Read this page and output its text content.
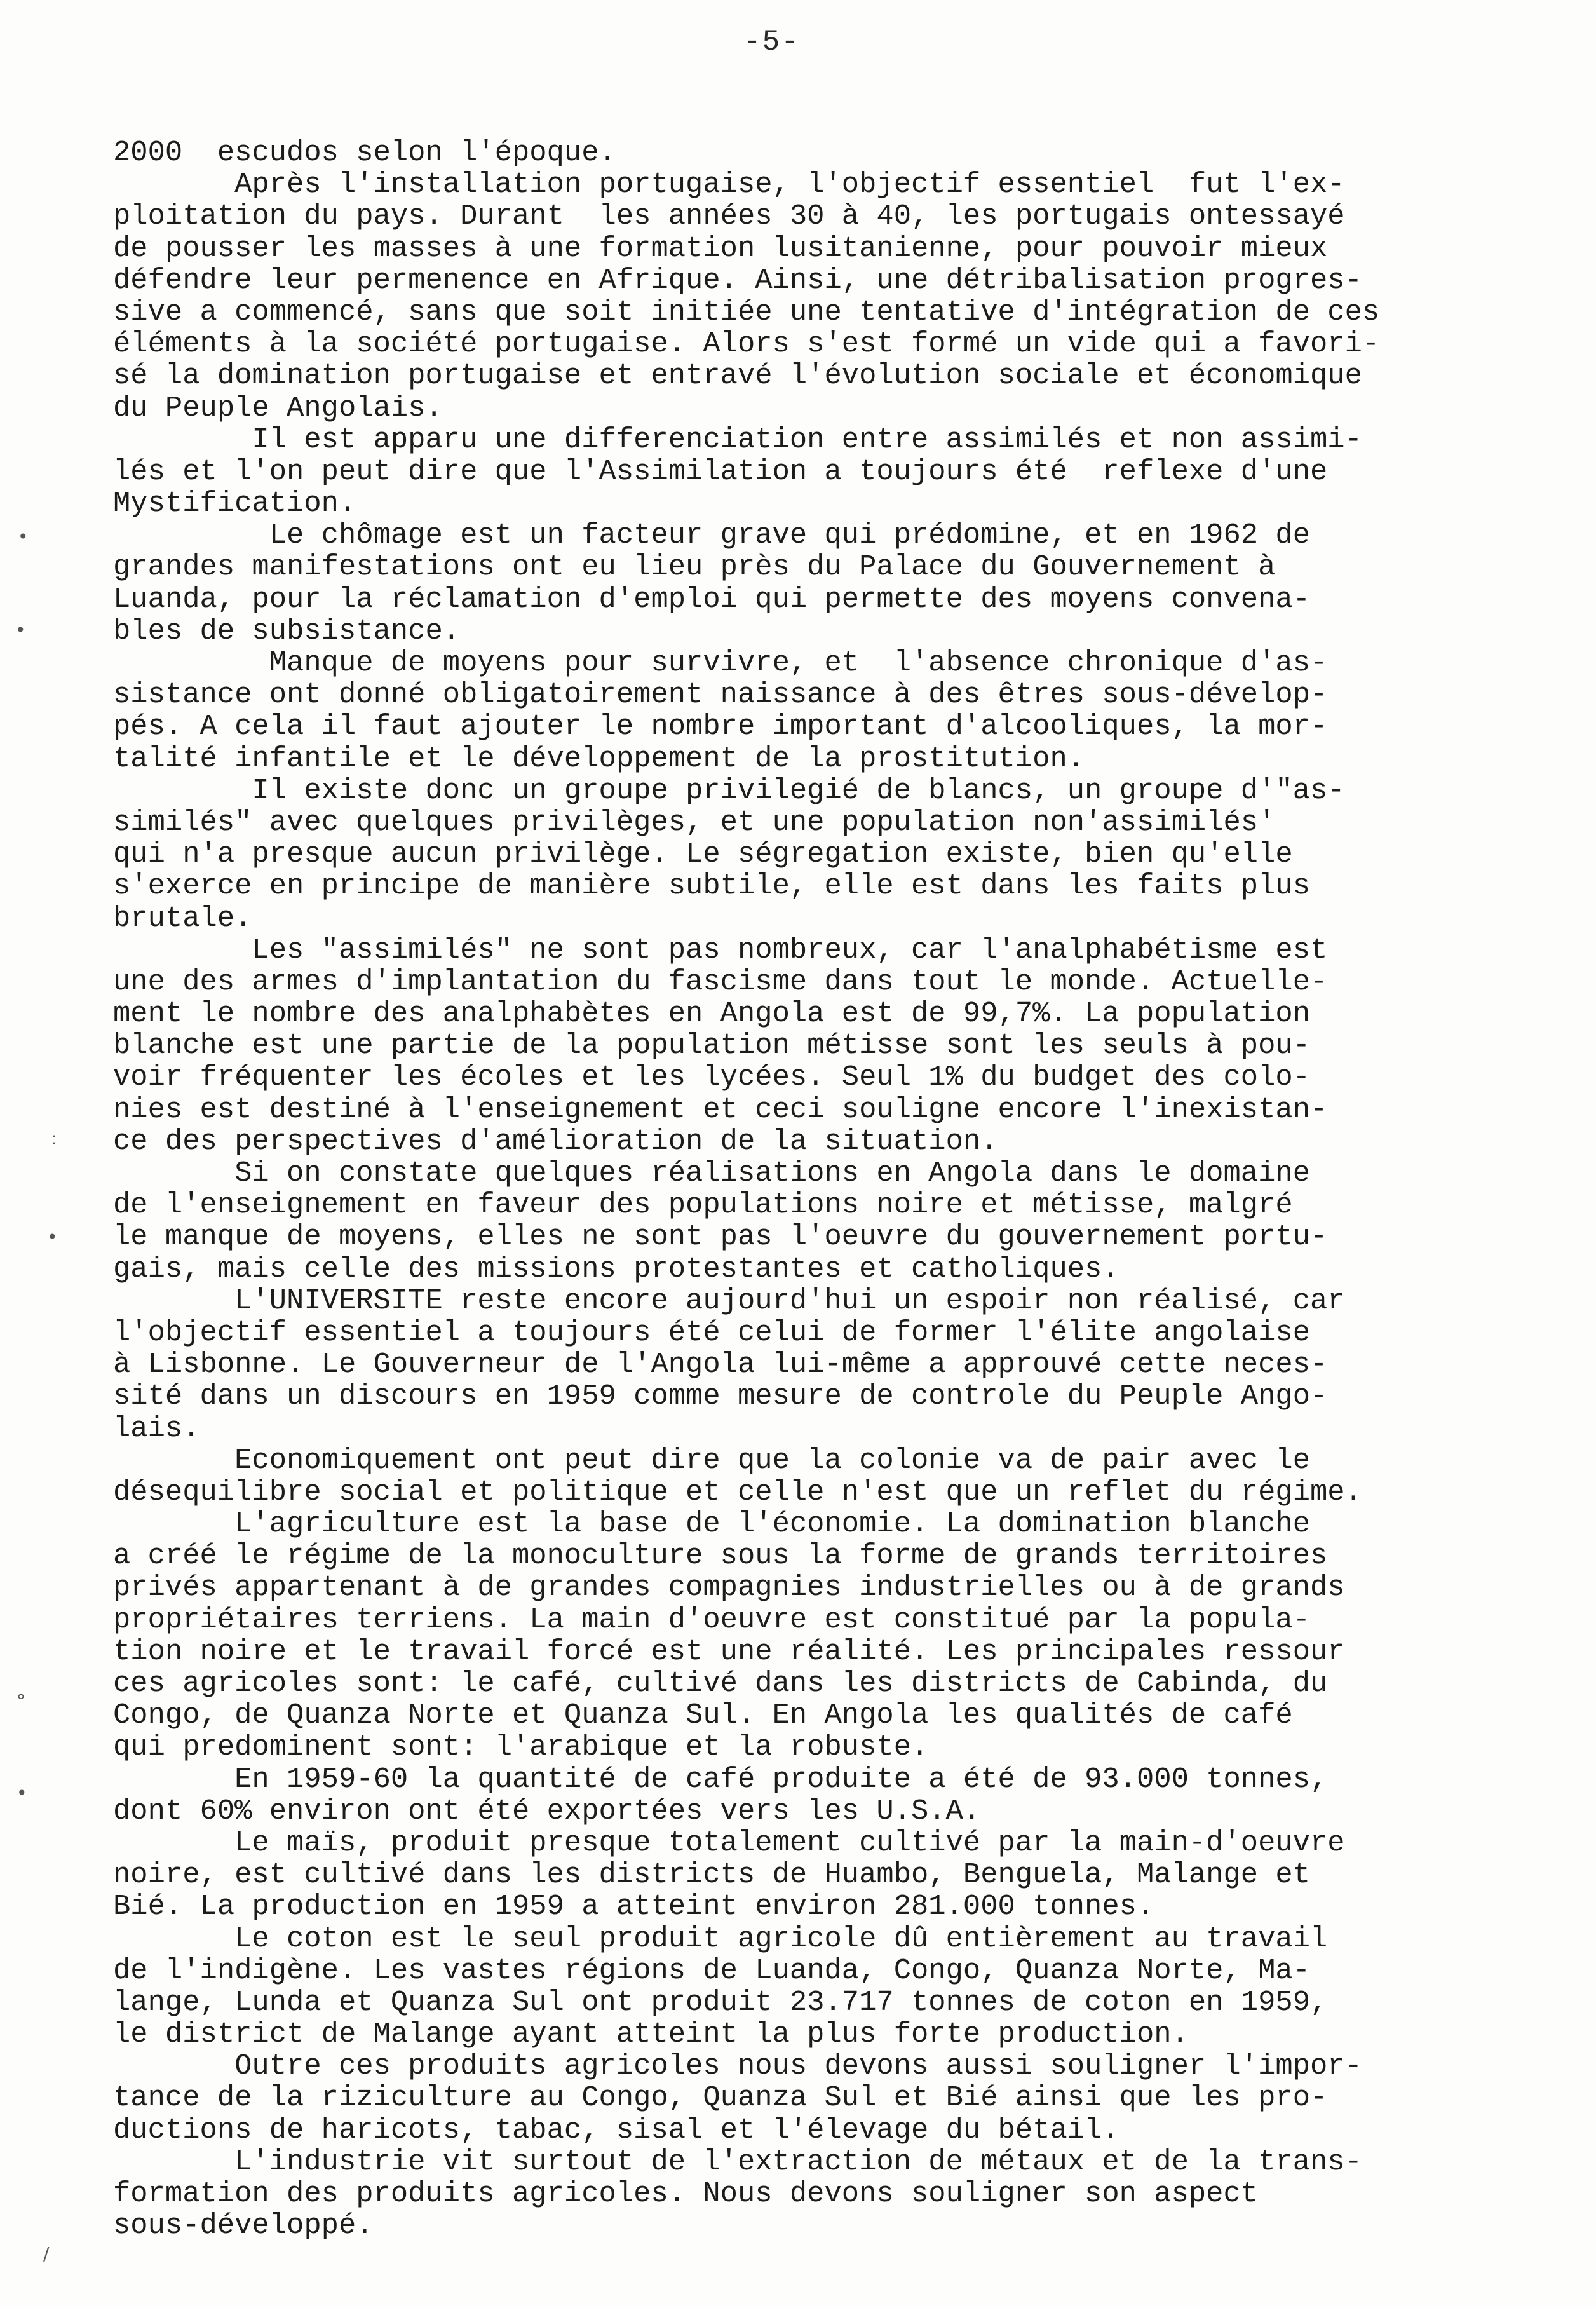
-5-
•
•
:
•
°
•
/
2000  escudos selon l'époque.
Après l'installation portugaise, l'objectif essentiel  fut l'ex-
ploitation du pays. Durant  les années 30 à 40, les portugais ontessayé
de pousser les masses à une formation lusitanienne, pour pouvoir mieux
défendre leur permenence en Afrique. Ainsi, une détribalisation progres-
sive a commencé, sans que soit initiée une tentative d'intégration de ces
éléments à la société portugaise. Alors s'est formé un vide qui a favori-
sé la domination portugaise et entravé l'évolution sociale et économique
du Peuple Angolais.
Il est apparu une differenciation entre assimilés et non assimi-
lés et l'on peut dire que l'Assimilation a toujours été  reflexe d'une
Mystification.
Le chômage est un facteur grave qui prédomine, et en 1962 de
grandes manifestations ont eu lieu près du Palace du Gouvernement à
Luanda, pour la réclamation d'emploi qui permette des moyens convena-
bles de subsistance.
Manque de moyens pour survivre, et  l'absence chronique d'as-
sistance ont donné obligatoirement naissance à des êtres sous-dévelop-
pés. A cela il faut ajouter le nombre important d'alcooliques, la mor-
talité infantile et le développement de la prostitution.
Il existe donc un groupe privilegié de blancs, un groupe d'"as-
similés" avec quelques privilèges, et une population non'assimilés'
qui n'a presque aucun privilège. Le ségregation existe, bien qu'elle
s'exerce en principe de manière subtile, elle est dans les faits plus
brutale.
Les "assimilés" ne sont pas nombreux, car l'analphabétisme est
une des armes d'implantation du fascisme dans tout le monde. Actuelle-
ment le nombre des analphabètes en Angola est de 99,7%. La population
blanche est une partie de la population métisse sont les seuls à pou-
voir fréquenter les écoles et les lycées. Seul 1% du budget des colo-
nies est destiné à l'enseignement et ceci souligne encore l'inexistan-
ce des perspectives d'amélioration de la situation.
Si on constate quelques réalisations en Angola dans le domaine
de l'enseignement en faveur des populations noire et métisse, malgré
le manque de moyens, elles ne sont pas l'oeuvre du gouvernement portu-
gais, mais celle des missions protestantes et catholiques.
L'UNIVERSITE reste encore aujourd'hui un espoir non réalisé, car
l'objectif essentiel a toujours été celui de former l'élite angolaise
à Lisbonne. Le Gouverneur de l'Angola lui-même a approuvé cette neces-
sité dans un discours en 1959 comme mesure de controle du Peuple Ango-
lais.
Economiquement ont peut dire que la colonie va de pair avec le
désequilibre social et politique et celle n'est que un reflet du régime.
L'agriculture est la base de l'économie. La domination blanche
a créé le régime de la monoculture sous la forme de grands territoires
privés appartenant à de grandes compagnies industrielles ou à de grands
propriétaires terriens. La main d'oeuvre est constitué par la popula-
tion noire et le travail forcé est une réalité. Les principales ressour
ces agricoles sont: le café, cultivé dans les districts de Cabinda, du
Congo, de Quanza Norte et Quanza Sul. En Angola les qualités de café
qui predominent sont: l'arabique et la robuste.
En 1959-60 la quantité de café produite a été de 93.000 tonnes,
dont 60% environ ont été exportées vers les U.S.A.
Le maïs, produit presque totalement cultivé par la main-d'oeuvre
noire, est cultivé dans les districts de Huambo, Benguela, Malange et
Bié. La production en 1959 a atteint environ 281.000 tonnes.
Le coton est le seul produit agricole dû entièrement au travail
de l'indigène. Les vastes régions de Luanda, Congo, Quanza Norte, Ma-
lange, Lunda et Quanza Sul ont produit 23.717 tonnes de coton en 1959,
le district de Malange ayant atteint la plus forte production.
Outre ces produits agricoles nous devons aussi souligner l'impor-
tance de la riziculture au Congo, Quanza Sul et Bié ainsi que les pro-
ductions de haricots, tabac, sisal et l'élevage du bétail.
L'industrie vit surtout de l'extraction de métaux et de la trans-
formation des produits agricoles. Nous devons souligner son aspect
sous-développé.
